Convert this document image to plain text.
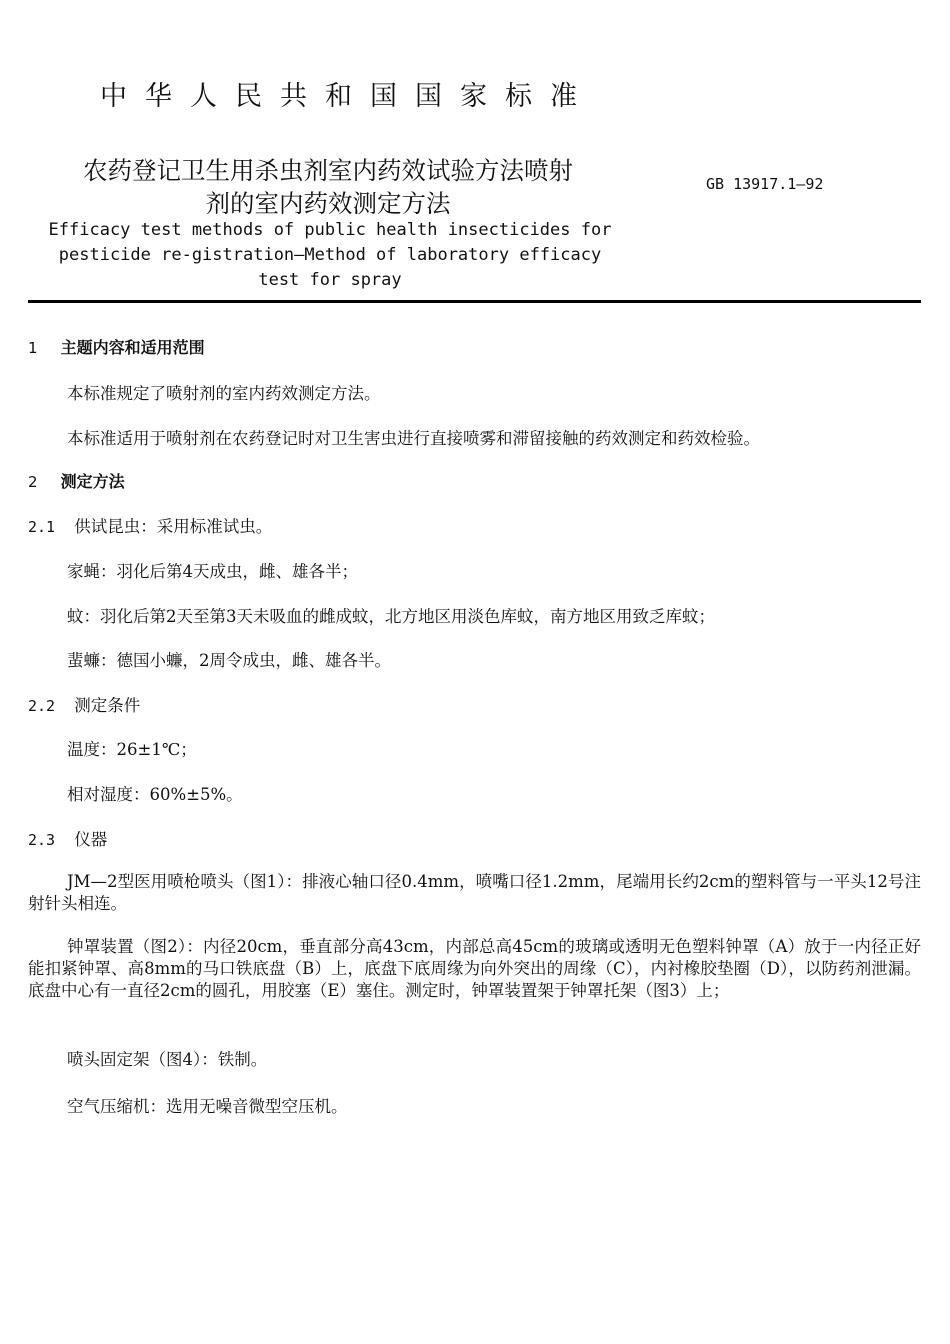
中华人民共和国国家标准
农药登记卫生用杀虫剂室内药效试验方法喷射
剂的室内药效测定方法
GB 13917.1—92
Efficacy test methods of public health insecticides for
pesticide re-gistration—Method of laboratory efficacy
test for spray
1 主题内容和适用范围
本标准规定了喷射剂的室内药效测定方法。
本标准适用于喷射剂在农药登记时对卫生害虫进行直接喷雾和滞留接触的药效测定和药效检验。
2 测定方法
2.1 供试昆虫：采用标准试虫。
家蝇：羽化后第4天成虫，雌、雄各半；
蚊：羽化后第2天至第3天未吸血的雌成蚊，北方地区用淡色库蚊，南方地区用致乏库蚊；
蜚蠊：德国小蠊，2周令成虫，雌、雄各半。
2.2 测定条件
温度：26±1℃；
相对湿度：60%±5%。
2.3 仪器
JM—2型医用喷枪喷头（图1）：排液心轴口径0.4mm，喷嘴口径1.2mm，尾端用长约2cm的塑料管与一平头12号注射针头相连。
钟罩装置（图2）：内径20cm，垂直部分高43cm，内部总高45cm的玻璃或透明无色塑料钟罩（A）放于一内径正好能扣紧钟罩、高8mm的马口铁底盘（B）上，底盘下底周缘为向外突出的周缘（C），内衬橡胶垫圈（D），以防药剂泄漏。底盘中心有一直径2cm的圆孔，用胶塞（E）塞住。测定时，钟罩装置架于钟罩托架（图3）上；
喷头固定架（图4）：铁制。
空气压缩机：选用无噪音微型空压机。
